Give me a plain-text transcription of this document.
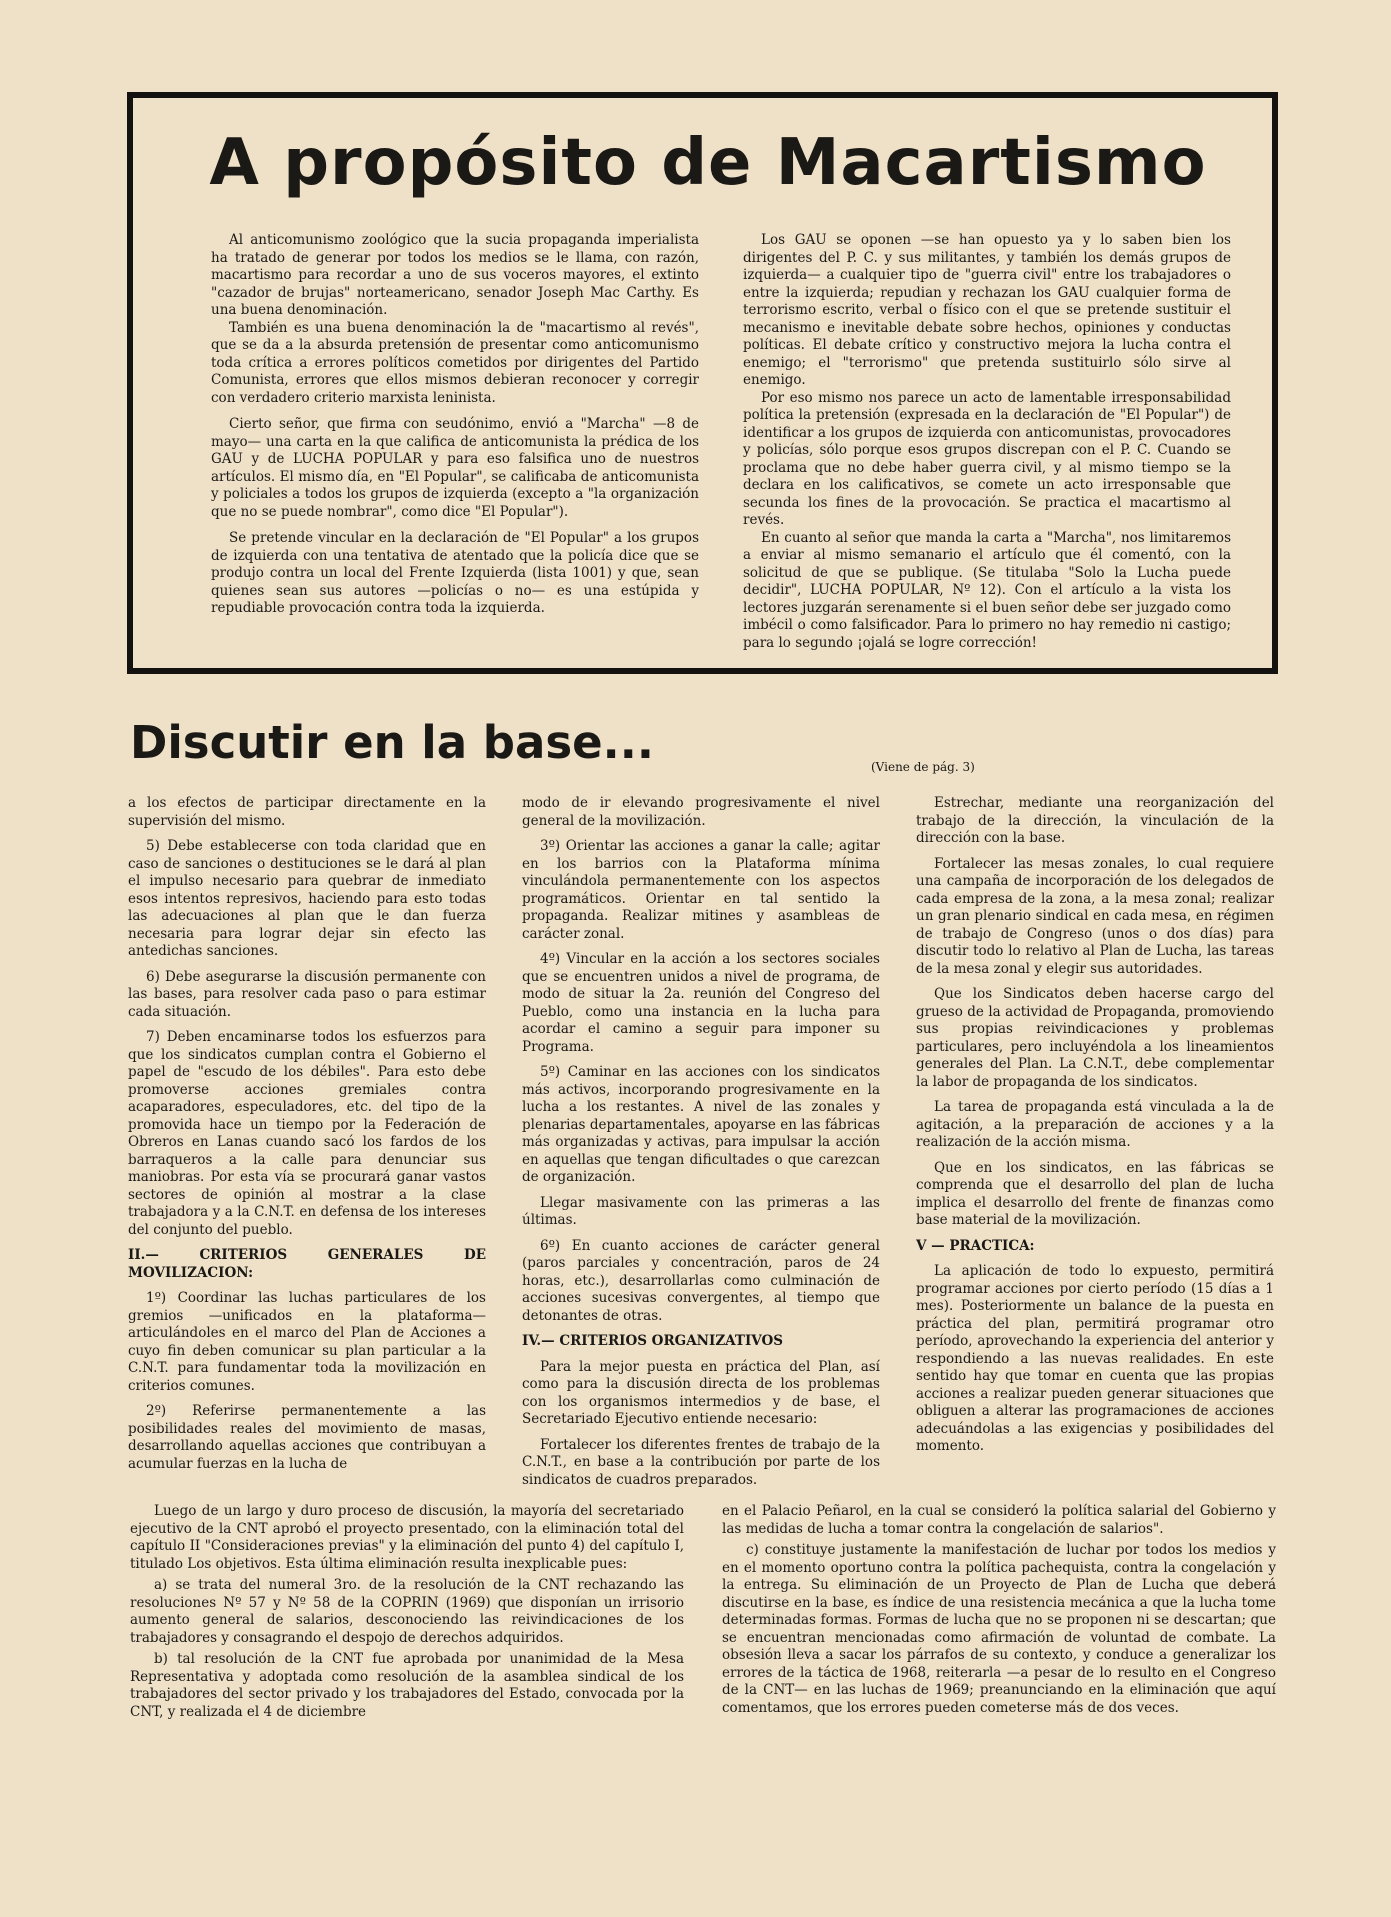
A propósito de Macartismo

Al anticomunismo zoológico que la sucia propaganda imperialista ha tratado de generar por todos los medios se le llama, con razón, macartismo para recordar a uno de sus voceros mayores, el extinto "cazador de brujas" norteamericano, senador Joseph Mac Carthy. Es una buena denominación.

También es una buena denominación la de "macartismo al revés", que se da a la absurda pretensión de presentar como anticomunismo toda crítica a errores políticos cometidos por dirigentes del Partido Comunista, errores que ellos mismos debieran reconocer y corregir con verdadero criterio marxista leninista.

Cierto señor, que firma con seudónimo, envió a "Marcha" —8 de mayo— una carta en la que califica de anticomunista la prédica de los GAU y de LUCHA POPULAR y para eso falsifica uno de nuestros artículos. El mismo día, en "El Popular", se calificaba de anticomunista y policiales a todos los grupos de izquierda (excepto a "la organización que no se puede nombrar", como dice "El Popular").

Se pretende vincular en la declaración de "El Popular" a los grupos de izquierda con una tentativa de atentado que la policía dice que se produjo contra un local del Frente Izquierda (lista 1001) y que, sean quienes sean sus autores —policías o no— es una estúpida y repudiable provocación contra toda la izquierda.

Los GAU se oponen —se han opuesto ya y lo saben bien los dirigentes del P. C. y sus militantes, y también los demás grupos de izquierda— a cualquier tipo de "guerra civil" entre los trabajadores o entre la izquierda; repudian y rechazan los GAU cualquier forma de terrorismo escrito, verbal o físico con el que se pretende sustituir el mecanismo e inevitable debate sobre hechos, opiniones y conductas políticas. El debate crítico y constructivo mejora la lucha contra el enemigo; el "terrorismo" que pretenda sustituirlo sólo sirve al enemigo.

Por eso mismo nos parece un acto de lamentable irresponsabilidad política la pretensión (expresada en la declaración de "El Popular") de identificar a los grupos de izquierda con anticomunistas, provocadores y policías, sólo porque esos grupos discrepan con el P. C. Cuando se proclama que no debe haber guerra civil, y al mismo tiempo se la declara en los calificativos, se comete un acto irresponsable que secunda los fines de la provocación. Se practica el macartismo al revés.

En cuanto al señor que manda la carta a "Marcha", nos limitaremos a enviar al mismo semanario el artículo que él comentó, con la solicitud de que se publique. (Se titulaba "Solo la Lucha puede decidir", LUCHA POPULAR, Nº 12). Con el artículo a la vista los lectores juzgarán serenamente si el buen señor debe ser juzgado como imbécil o como falsificador. Para lo primero no hay remedio ni castigo; para lo segundo ¡ojalá se logre corrección!

Discutir en la base...	(Viene de pág. 3)

a los efectos de participar directamente en la supervisión del mismo.

5) Debe establecerse con toda claridad que en caso de sanciones o destituciones se le dará al plan el impulso necesario para quebrar de inmediato esos intentos represivos, haciendo para esto todas las adecuaciones al plan que le dan fuerza necesaria para lograr dejar sin efecto las antedichas sanciones.

6) Debe asegurarse la discusión permanente con las bases, para resolver cada paso o para estimar cada situación.

7) Deben encaminarse todos los esfuerzos para que los sindicatos cumplan contra el Gobierno el papel de "escudo de los débiles". Para esto debe promoverse acciones gremiales contra acaparadores, especuladores, etc. del tipo de la promovida hace un tiempo por la Federación de Obreros en Lanas cuando sacó los fardos de los barraqueros a la calle para denunciar sus maniobras. Por esta vía se procurará ganar vastos sectores de opinión al mostrar a la clase trabajadora y a la C.N.T. en defensa de los intereses del conjunto del pueblo.

II.— CRITERIOS GENERALES DE MOVILIZACION:

1º) Coordinar las luchas particulares de los gremios —unificados en la plataforma— articulándoles en el marco del Plan de Acciones a cuyo fin deben comunicar su plan particular a la C.N.T. para fundamentar toda la movilización en criterios comunes.

2º) Referirse permanentemente a las posibilidades reales del movimiento de masas, desarrollando aquellas acciones que contribuyan a acumular fuerzas en la lucha de

modo de ir elevando progresivamente el nivel general de la movilización.

3º) Orientar las acciones a ganar la calle; agitar en los barrios con la Plataforma mínima vinculándola permanentemente con los aspectos programáticos. Orientar en tal sentido la propaganda. Realizar mitines y asambleas de carácter zonal.

4º) Vincular en la acción a los sectores sociales que se encuentren unidos a nivel de programa, de modo de situar la 2a. reunión del Congreso del Pueblo, como una instancia en la lucha para acordar el camino a seguir para imponer su Programa.

5º) Caminar en las acciones con los sindicatos más activos, incorporando progresivamente en la lucha a los restantes. A nivel de las zonales y plenarias departamentales, apoyarse en las fábricas más organizadas y activas, para impulsar la acción en aquellas que tengan dificultades o que carezcan de organización.

Llegar masivamente con las primeras a las últimas.

6º) En cuanto acciones de carácter general (paros parciales y concentración, paros de 24 horas, etc.), desarrollarlas como culminación de acciones sucesivas convergentes, al tiempo que detonantes de otras.

IV.— CRITERIOS ORGANIZATIVOS

Para la mejor puesta en práctica del Plan, así como para la discusión directa de los problemas con los organismos intermedios y de base, el Secretariado Ejecutivo entiende necesario:

Fortalecer los diferentes frentes de trabajo de la C.N.T., en base a la contribución por parte de los sindicatos de cuadros preparados.

Estrechar, mediante una reorganización del trabajo de la dirección, la vinculación de la dirección con la base.

Fortalecer las mesas zonales, lo cual requiere una campaña de incorporación de los delegados de cada empresa de la zona, a la mesa zonal; realizar un gran plenario sindical en cada mesa, en régimen de trabajo de Congreso (unos o dos días) para discutir todo lo relativo al Plan de Lucha, las tareas de la mesa zonal y elegir sus autoridades.

Que los Sindicatos deben hacerse cargo del grueso de la actividad de Propaganda, promoviendo sus propias reivindicaciones y problemas particulares, pero incluyéndola a los lineamientos generales del Plan. La C.N.T., debe complementar la labor de propaganda de los sindicatos.

La tarea de propaganda está vinculada a la de agitación, a la preparación de acciones y a la realización de la acción misma.

Que en los sindicatos, en las fábricas se comprenda que el desarrollo del plan de lucha implica el desarrollo del frente de finanzas como base material de la movilización.

V — PRACTICA:

La aplicación de todo lo expuesto, permitirá programar acciones por cierto período (15 días a 1 mes). Posteriormente un balance de la puesta en práctica del plan, permitirá programar otro período, aprovechando la experiencia del anterior y respondiendo a las nuevas realidades. En este sentido hay que tomar en cuenta que las propias acciones a realizar pueden generar situaciones que obliguen a alterar las programaciones de acciones adecuándolas a las exigencias y posibilidades del momento.

Luego de un largo y duro proceso de discusión, la mayoría del secretariado ejecutivo de la CNT aprobó el proyecto presentado, con la eliminación total del capítulo II "Consideraciones previas" y la eliminación del punto 4) del capítulo I, titulado Los objetivos. Esta última eliminación resulta inexplicable pues:

a) se trata del numeral 3ro. de la resolución de la CNT rechazando las resoluciones Nº 57 y Nº 58 de la COPRIN (1969) que disponían un irrisorio aumento general de salarios, desconociendo las reivindicaciones de los trabajadores y consagrando el despojo de derechos adquiridos.

b) tal resolución de la CNT fue aprobada por unanimidad de la Mesa Representativa y adoptada como resolución de la asamblea sindical de los trabajadores del sector privado y los trabajadores del Estado, convocada por la CNT, y realizada el 4 de diciembre

en el Palacio Peñarol, en la cual se consideró la política salarial del Gobierno y las medidas de lucha a tomar contra la congelación de salarios".

c) constituye justamente la manifestación de luchar por todos los medios y en el momento oportuno contra la política pachequista, contra la congelación y la entrega. Su eliminación de un Proyecto de Plan de Lucha que deberá discutirse en la base, es índice de una resistencia mecánica a que la lucha tome determinadas formas. Formas de lucha que no se proponen ni se descartan; que se encuentran mencionadas como afirmación de voluntad de combate. La obsesión lleva a sacar los párrafos de su contexto, y conduce a generalizar los errores de la táctica de 1968, reiterarla —a pesar de lo resulto en el Congreso de la CNT— en las luchas de 1969; preanunciando en la eliminación que aquí comentamos, que los errores pueden cometerse más de dos veces.
